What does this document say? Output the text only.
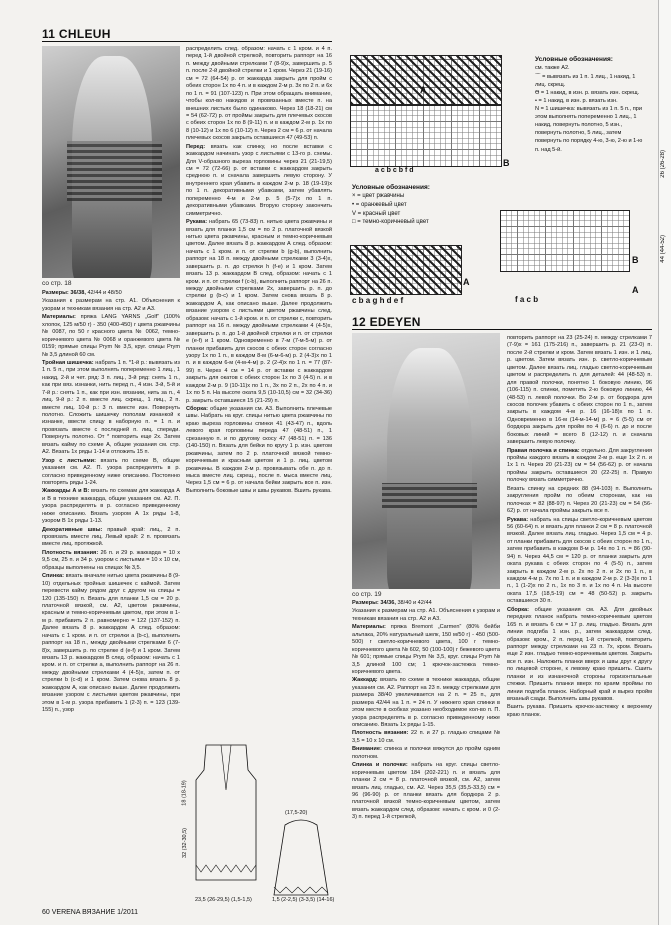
11 CHLEUH
со стр. 18

Размеры: 36/38, 42/44 и 48/50

Указания к размерам на стр. А1. Объяснения к узорам и техникам вязания на стр. А2 и А3.

Материалы: пряжа LANG YARNS „Golf“ (100% хлопок, 125 м/50 г) - 350 (400-450) г цвета ржавчины № 0087, по 50 г красного цвета № 0062, темно-коричневого цвета № 0068 и оранжевого цвета № 0159; прямые спицы Prym № 3,5, круг. спицы Prym № 3,5 длиной 60 см.

Тройная шишечка: набрать 1 п. *1-й р.: вывязать из 1 п. 5 п., при этом выполнять попеременно 1 лиц., 1 накид, 2-й и чет. ряд: 3 п. лиц., 3-й ряд: снять 1 п., как при вяз. изнанки, нить перед п., 4 изн. 3-й, 5-й и 7-й р.: снять 1 п., как при изн. вязании, нить за п., 4 лиц. 9-й р.: 2 п. вместе лиц. скрещ., 1 лиц., 2 п. вместе лиц. 10-й р.: 3 п. вместе изн. Повернуть полотно. Сложить шишечку пополам изнанкой к изнанке, ввести спицу в наборную п. = 1 п. и провязать вместе с последней п. лиц. спереди. Повернуть полотно. От * повторить еще 2х. Затем вязать кайму по схеме А, общие указания см. стр. А2. Вязать 1х ряды 1-14 и отложить 15 п.

Узор с листьями: вязать по схеме В, общие указания см. А2. П. узора распределять в р. согласно приведенному ниже описанию. Постоянно повторять ряды 1-24.

Жаккарды А и В: вязать по схемам для жаккарда А и В в технике жаккарда, общие указания см. А2. П. узора распределять в р. согласно приведенному ниже описанию. Вязать узором А 1х ряды 1-8, узором В 1х ряды 1-13.

Декоративные швы: правый край: лиц., 2 п. провязать вместе лиц. Левый край: 2 п. провязать вместе лиц. протяжкой.

Плотность вязания: 26 п. и 29 р. жаккарда = 10 х 9,5 см, 25 п. и 34 р. узором с листьями = 10 х 10 см, образцы выполнены на спицах № 3,5.

Спинка: вязать вначале нитью цвета ржавчины 8 (9-10) отдельных тройных шишечек с каймой. Затем перевести кайму рядом друг с другом на спицы = 120 (135-150) п. Вязать для планки 1,5 см = 20 р. платочной вязкой, см. А2, цветом ржавчины, красным и темно-коричневым цветом, при этом в 1-м р. прибавить 2 п. равномерно = 122 (137-152) п. Далее вязать 8 р. жаккардом А след. образом: начать с 1 кром. и п. от стрелки а (b-c), выполнить раппорт на 18 п., между двойными стрелками 6 (7-8)х, завершить р. по стрелке d (e-f) и 1 кром. Затем вязать 13 р. жаккардом В след. образом: начать с 1 кром. и п. от стрелки a, выполнить раппорт на 26 п. между двойными стрелками 4 (4-5)х, затем п. от стрелки b (c-d) и 1 кром. Затем снова вязать 8 р. жаккардом А, как описано выше. Далее продолжить вязание узором с листьями цветом ржавчины, при этом в 1-м р. узора прибавить 1 (2-3) п. = 123 (139-155) п., узор

распределить след. образом: начать с 1 кром. и 4 п. перед 1-й двойной стрелкой, повторить раппорт на 16 п. между двойными стрелками 7 (8-9)х, завершить р. 5 п. после 2-й двойной стрелки и 1 кром. Через 21 (19-16) см = 72 (64-54) р. от жаккарда закрыть для пройм с обеих сторон 1х по 4 п. и в каждом 2-м р. 3х по 2 п. и 6х по 1 п. = 91 (107-123) п. При этом обращать внимание, чтобы кол-во накидов и провязанных вместе п. на внешних листьях было одинаково. Через 18 (18-21) см = 54 (62-72) р. от проймы закрыть для плечевых скосов с обеих сторон 1х по 8 (9-11) п. и в каждом 2-м р. 1х по 8 (10-12) и 1х по 6 (10-12) п. Через 2 см = 6 р. от начала плечевых скосов закрыть оставшиеся 47 (49-53) п.

Перед: вязать как спинку, но после вставки с жаккардом начинать узор с листьями с 13-го р. схемы. Для V-образного выреза горловины через 21 (21-19,5) см = 72 (72-66) р. от вставки с жаккардом закрыть среднюю п. и сначала завершить левую сторону. У внутреннего края убавить в каждом 2-м р. 18 (19-19)х по 1 п. декоративными убавками, затем убавлять попеременно 4-м и 2-м р. 5 (5-7)х по 1 п. декоративными убавками. Вторую сторону закончить симметрично.

Рукава: набрать 65 (73-83) п. нитью цвета ржавчины и вязать для планки 1,5 см = по 2 р. платочной вязкой нитью цвета ржавчины, красным и темно-коричневым цветом. Далее вязать 8 р. жаккардом А след. образом: начать с 1 кром. и п. от стрелки b (g-b), выполнить раппорт на 18 п. между двойными стрелками 3 (3-4)х, завершить р. п. до стрелки h (f-e) и 1 кром. Затем вязать 13 р. жаккардом В след. образом: начать с 1 кром. и п. от стрелки f (c-b), выполнить раппорт на 26 п. между двойными стрелками 2х, завершить р. п. до стрелки g (b-c) и 1 кром. Затем снова вязать 8 р. жаккардом А, как описано выше. Далее продолжить вязание узором с листьями цветом ржавчины след. образом: начать с 1-й кром. и п. от стрелки с, повторить раппорт на 16 п. между двойными стрелками 4 (4-5)х, завершить р. п. до 1-й двойной стрелки и п. от стрелки е (e-f) и 1 кром. Одновременно в 7-м (7-м-5-м) р. от планки прибавить для скосов с обеих сторон согласно узору 1х по 1 п., в каждом 8-м (6-м-6-м) р. 2 (4-3)х по 1 п. и в каждом 6-м (4-м-4-м) р. 2 (2-4)х по 1 п. = 77 (87-99) п. Через 4 см = 14 р. от вставки с жаккардом закрыть для окатов с обеих сторон 1х по 3 (4-5) п. и в каждом 2-м р. 9 (10-11)х по 1 п., 3х по 2 п., 2х по 4 п. и 1х по 5 п. На высоте оката 9,5 (10-10,5) см = 32 (34-36) р. закрыть оставшиеся 15 (21-29) п.

Сборка: общие указания см. А3. Выполнить плечевые швы. Набрать на круг. спицы нитью цвета ржавчины по краю выреза горловины спинки 41 (43-47) п., вдоль левого края горловины переда 47 (48-51) п., 1 срезанную п. и по другому скосу 47 (48-51) п. = 136 (140-150) п. Вязать для бейки по кругу 1 р. изн. цветом ржавчины, затем по 2 р. платочной вязкой темно-коричневым и красным цветом и 1 р. лиц. цветом ржавчины. В каждом 2-м р. провязывать обе п. до п. мыса вместе лиц. скрещ., после п. мыса вместе лиц. Через 1,5 см = 6 р. от начала бейки закрыть все п. изн. Выполнить боковые швы и швы рукавов. Вшить рукава.

23,5 (26-29,5) (1,5-1,5)
18 (18-19)
32 (32-30,5)
(17,5-20)
1,5 (2-2,5) (3-3,5) (14-16)
A
B
a c b c b f d
Условные обозначения:
× = цвет ржавчины
• = оранжевый цвет
V = красный цвет
□ = темно-коричневый цвет
A
c b a g h d e f
Условные обозначения:
см. также А2.
⌒ = вывязать из 1 п. 1 лиц., 1 накид, 1 лиц. скрещ.
ϴ = 1 накид, в изн. р. вязать изн. скрещ.
• = 1 накид, в изн. р. вязать изн.
N = 1 шишечка: вывязать из 1 п. 5 п., при этом выполнять попеременно 1 лиц., 1 накид, повернуть полотно, 5 изн., повернуть полотно, 5 лиц., затем повернуть по порядку 4-ю, 3-ю, 2-ю и 1-ю п. над 5-й.
B
f a c b
A
12 EDEYEN
со стр. 19

Размеры: 34/36, 38/40 и 42/44

Указания к размерам на стр. А1. Объяснения к узорам и техникам вязания на стр. А2 и А3.

Материалы: пряжа Bremont „Carmen“ (80% бейби альпака, 20% натуральный шелк, 150 м/50 г) - 450 (500-500) г светло-коричневого цвета, 100 г темно-коричневого цвета № 602, 50 (100-100) г бежевого цвета № 601; прямые спицы Prym № 3,5, круг. спицы Prym № 3,5 длиной 100 см; 1 крючок-застежка темно-коричневого цвета.

Жаккард: вязать по схеме в технике жаккарда, общие указания см. А2. Раппорт на 23 п. между стрелками для размера 38/40 увеличивается на 2 п. = 25 п., для размера 42/44 на 1 п. = 24 п. У нижнего края спинки в этом месте в скобках указано необходимое кол-во п. П. узора распределять в р. согласно приведенному ниже описанию. Вязать 1х ряды 1-15.

Плотность вязания: 22 п. и 27 р. гладью спицами № 3,5 = 10 х 10 см.

Внимание: спинка и полочки вяжутся до пройм одним полотном.

Спинка и полочки: набрать на круг. спицы светло-коричневым цветом 184 (202-221) п. и вязать для планки 2 см = 8 р. платочной вязкой, см. А2, затем вязать лиц. гладью, см. А2. Через 35,5 (35,5-33,5) см = 96 (96-90) р. от планки вязать для бордюра 2 р. платочной вязкой темно-коричневым цветом, затем вязать жаккардом след. образом: начать с кром. и 0 (2-3) п. перед 1-й стрелкой,

повторить раппорт на 23 (25-24) п. между стрелками 7 (7-9)х = 161 (175-216) п., завершить р. 21 (23-0) п. после 2-й стрелки и кром. Затем вязать 1 изн. и 1 лиц. р. цветом. Затем вязать изн. р. светло-коричневым цветом. Далее вязать лиц. гладью светло-коричневым цветом и распределить п. для деталей: 44 (48-53) п. для правой полочки, понятно 1 боковую линию, 96 (106-115) п. спинки, пометить 2-ю боковую линию, 44 (48-53) п. левой полочки. Во 2-м р. от бордюра для скосов полочек убавить с обеих сторон по 1 п., затем закрыть в каждом 4-м р. 16 (16-18)х по 1 п. Одновременно в 16-м (14-м-14-м) р. = 6 (5-5) см от бордюра закрыть для пройм по 4 (6-6) п. до и после боковых линий = всего 8 (12-12) п. и сначала завершить левую полочку.

Правая полочка и спинка: отдельно. Для закругления проймы каждого вязать в каждом 2-м р. еще 1х 2 п. и 1х 1 п. Через 20 (21-23) см = 54 (56-62) р. от начала проймы закрыть оставшиеся 20 (22-25) п. Правую полочку вязать симметрично.

Вязать спинку на средних 88 (94-103) п. Выполнить закругления пройм по обеим сторонам, как на полочках = 82 (88-97) п. Через 20 (21-23) см = 54 (56-62) р. от начала проймы закрыть все п.

Рукава: набрать на спицы светло-коричневым цветом 56 (60-64) п. и вязать для планки 2 см = 8 р. платочной вязкой. Далее вязать лиц. гладью. Через 1,5 см = 4 р. от планки прибавить для скосов с обеих сторон по 1 п., затем прибавить в каждом 8-м р. 14х по 1 п. = 86 (90-94) п. Через 44,5 см = 120 р. от планки закрыть для оката рукава с обеих сторон по 4 (5-5) п., затем закрыть в каждом 2-м р. 2х по 2 п. и 2х по 1 п., в каждом 4-м р. 7х по 1 п. и в каждом 2-м р. 2 (3-3)х по 1 п., 1 (1-2)х по 2 п., 1х по 3 п. и 1х по 4 п. На высоте оката 17,5 (18,5-19) см = 48 (50-52) р. закрыть оставшиеся 30 п.

Сборка: общие указания см. А3. Для двойных передних планок набрать темно-коричневым цветом 165 п. и вязать 6 см = 17 р. лиц. гладью. Вязать для линии подгиба 1 изн. р., затем жаккардом след. образом: кром., 2 п. перед 1-й стрелкой, повторить раппорт между стрелками на 23 п. 7х, кром. Вязать еще 2 изн. гладью темно-коричневым цветом. Закрыть все п. изн. Наложить планки вверх и швы друг к другу по лицевой стороне, к левому краю пришить. Сшить планки и из изнаночной стороны горизонтальные стежки. Пришить планки вверх по краям проймы по линии подгиба планок. Наборный край и вырез пройм вязаный сзади. Выполнить швы рукавов.

Вшить рукава. Пришить крючок-застежку к верхнему краю планок.

60 VERENA ВЯЗАНИЕ 1/2011
26 (26-28)
44 (44-52)
